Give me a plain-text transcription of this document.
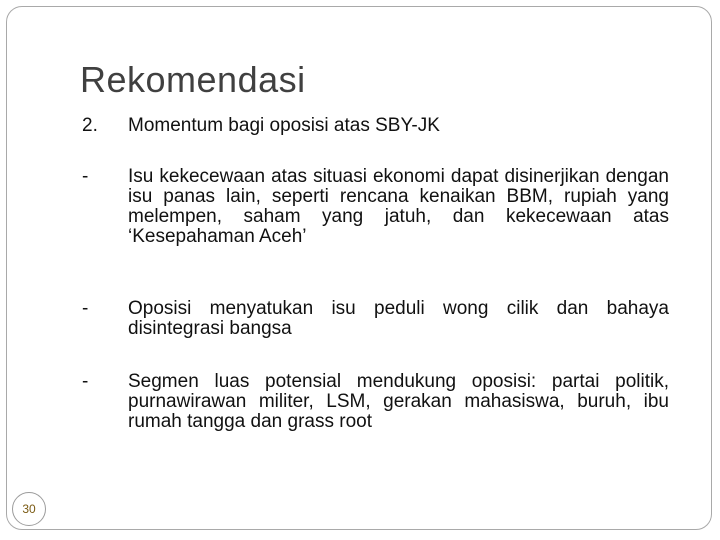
Rekomendasi
2. Momentum bagi oposisi atas SBY-JK
- Isu kekecewaan atas situasi ekonomi dapat disinerjikan dengan isu panas lain, seperti rencana kenaikan BBM, rupiah yang melempen, saham yang jatuh, dan kekecewaan atas ‘Kesepahaman Aceh’
- Oposisi menyatukan isu peduli wong cilik dan bahaya disintegrasi bangsa
- Segmen luas potensial mendukung oposisi: partai politik, purnawirawan militer, LSM, gerakan mahasiswa, buruh, ibu rumah tangga dan grass root
30
